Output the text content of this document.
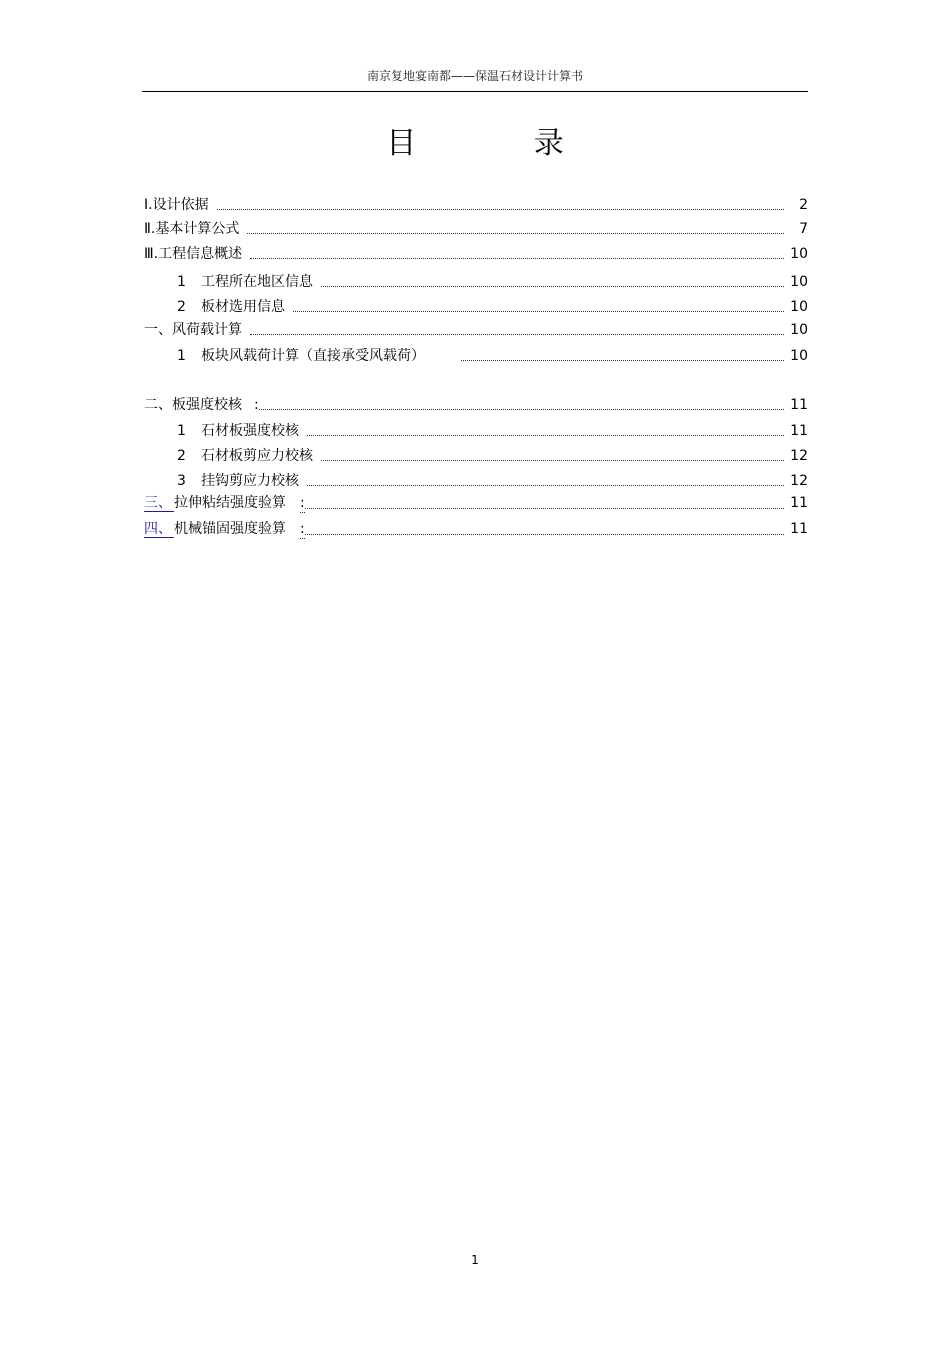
南京复地宴南都——保温石材设计计算书
目 录
Ⅰ.设计依据	2
Ⅱ.基本计算公式	7
Ⅲ.工程信息概述	10
1	工程所在地区信息	10
2	板材选用信息	10
一、风荷载计算	10
1	板块风载荷计算（直接承受风载荷）	10
二、板强度校核 :	11
1	石材板强度校核	11
2	石材板剪应力校核	12
3	挂钩剪应力校核	12
三、 拉伸粘结强度验算	:	11
四、 机械锚固强度验算	:	11
1
